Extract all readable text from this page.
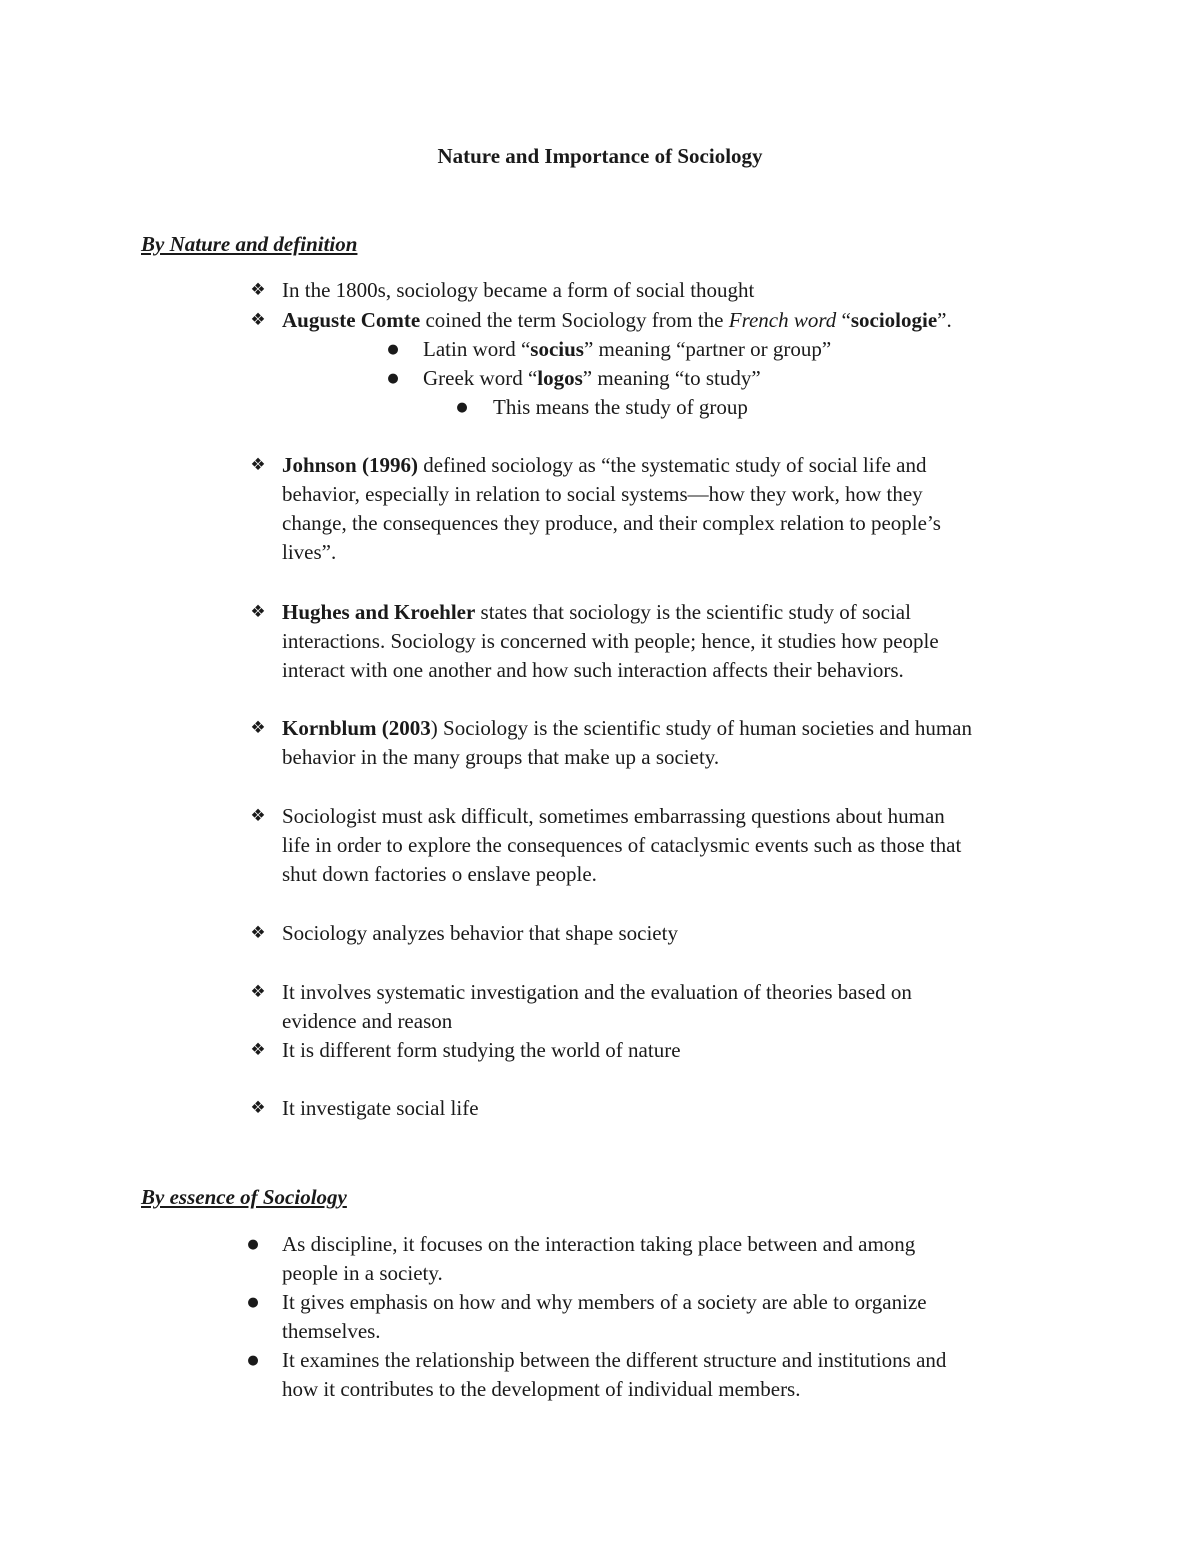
Nature and Importance of Sociology
By Nature and definition
❖ In the 1800s, sociology became a form of social thought
❖ Auguste Comte coined the term Sociology from the French word “sociologie”.
● Latin word “socius” meaning “partner or group”
● Greek word “logos” meaning “to study”
● This means the study of group
❖ Johnson (1996) defined sociology as “the systematic study of social life and
behavior, especially in relation to social systems—how they work, how they
change, the consequences they produce, and their complex relation to people’s
lives”.
❖ Hughes and Kroehler states that sociology is the scientific study of social
interactions. Sociology is concerned with people; hence, it studies how people
interact with one another and how such interaction affects their behaviors.
❖ Kornblum (2003) Sociology is the scientific study of human societies and human
behavior in the many groups that make up a society.
❖ Sociologist must ask difficult, sometimes embarrassing questions about human
life in order to explore the consequences of cataclysmic events such as those that
shut down factories o enslave people.
❖ Sociology analyzes behavior that shape society
❖ It involves systematic investigation and the evaluation of theories based on
evidence and reason
❖ It is different form studying the world of nature
❖ It investigate social life
By essence of Sociology
● As discipline, it focuses on the interaction taking place between and among
people in a society.
● It gives emphasis on how and why members of a society are able to organize
themselves.
● It examines the relationship between the different structure and institutions and
how it contributes to the development of individual members.
